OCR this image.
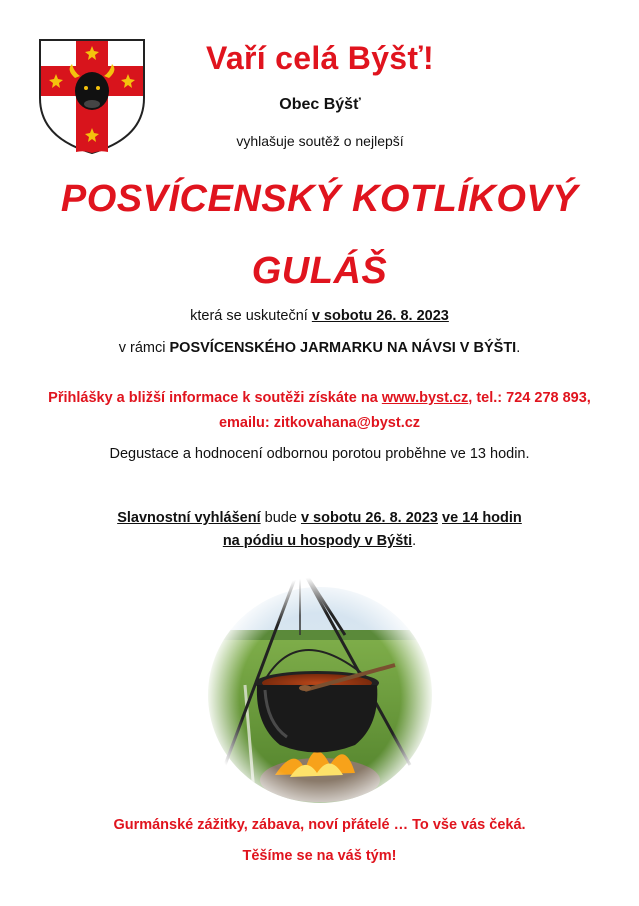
Vaří celá Býšť!
Obec Býšť
vyhlašuje soutěž o nejlepší
POSVÍCENSKÝ KOTLÍKOVÝ
GULÁŠ
která se uskuteční v sobotu 26. 8. 2023
v rámci POSVÍCENSKÉHO JARMARKU NA NÁVSI V BÝŠTI.
Přihlášky a bližší informace k soutěži získáte na www.byst.cz, tel.: 724 278 893,
emailu: zitkovahana@byst.cz
Degustace a hodnocení odbornou porotou proběhne ve 13 hodin.
Slavnostní vyhlášení bude v sobotu 26. 8. 2023 ve 14 hodin
na pódiu u hospody v Býšti.
Gurmánské zážitky, zábava, noví přátelé … To vše vás čeká.
Těšíme se na váš tým!
